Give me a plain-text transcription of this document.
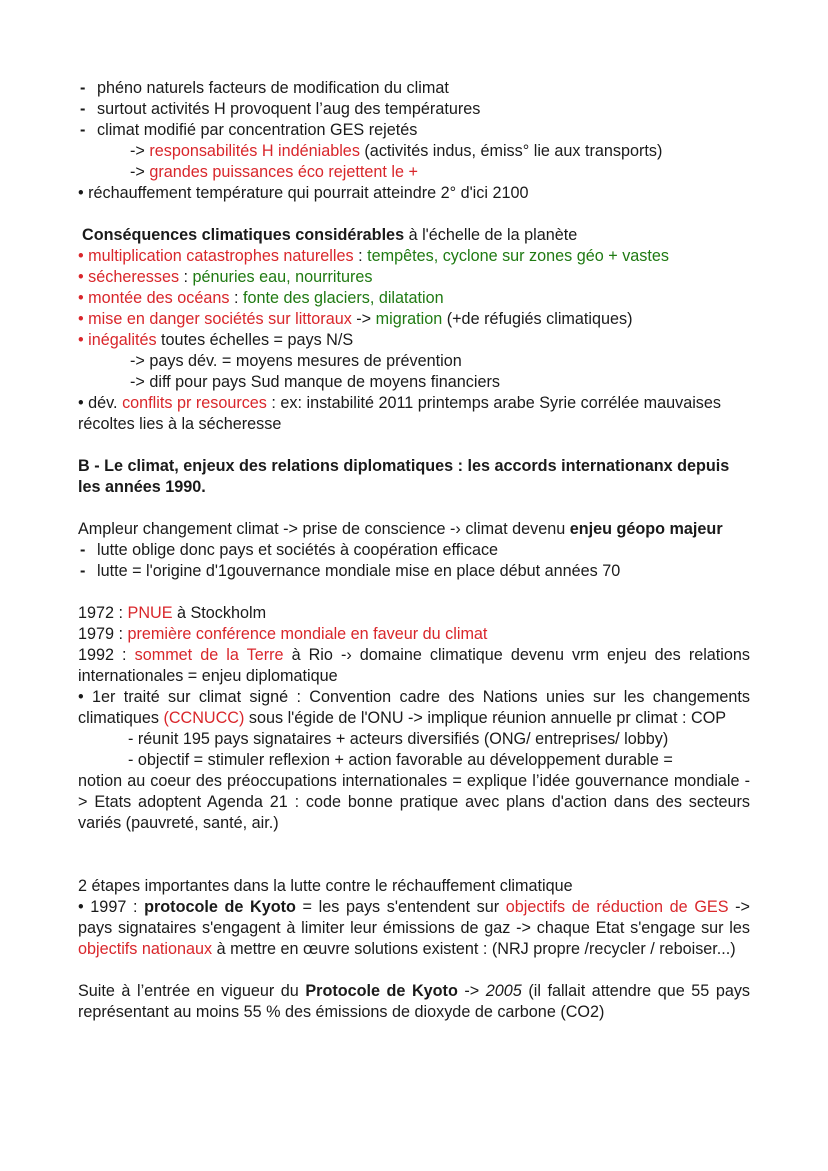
- phéno naturels facteurs de modification du climat

- surtout activités H provoquent l’aug des températures

- climat modifié par concentration GES rejetés

-> responsabilités H indéniables (activités indus, émiss° lie aux transports)

-> grandes puissances éco rejettent le +

• réchauffement température qui pourrait atteindre 2° d'ici 2100

Conséquences climatiques considérables à l'échelle de la planète

• multiplication catastrophes naturelles : tempêtes, cyclone sur zones géo + vastes

• sécheresses : pénuries eau, nourritures

• montée des océans : fonte des glaciers, dilatation

• mise en danger sociétés sur littoraux -> migration (+de réfugiés climatiques)

• inégalités toutes échelles = pays N/S

-> pays dév. = moyens mesures de prévention

-> diff pour pays Sud manque de moyens financiers

• dév. conflits pr resources : ex: instabilité 2011 printemps arabe Syrie corrélée mauvaises récoltes lies à la sécheresse

B - Le climat, enjeux des relations diplomatiques : les accords internationanx depuis les années 1990.

Ampleur changement climat -> prise de conscience -› climat devenu enjeu géopo majeur

- lutte oblige donc pays et sociétés à coopération efficace

- lutte = l'origine d'1gouvernance mondiale mise en place début années 70

1972 : PNUE à Stockholm

1979 : première conférence mondiale en faveur du climat

1992 : sommet de la Terre à Rio -› domaine climatique devenu vrm enjeu des relations internationales = enjeu diplomatique

• 1er traité sur climat signé : Convention cadre des Nations unies sur les changements climatiques (CCNUCC) sous l'égide de l'ONU -> implique réunion annuelle pr climat : COP

- réunit 195 pays signataires + acteurs diversifiés (ONG/ entreprises/ lobby)

- objectif = stimuler reflexion + action favorable au développement durable =

notion au coeur des préoccupations internationales = explique l’idée gouvernance mondiale -> Etats adoptent Agenda 21 : code bonne pratique avec plans d'action dans des secteurs variés (pauvreté, santé, air.)

2 étapes importantes dans la lutte contre le réchauffement climatique

• 1997 : protocole de Kyoto = les pays s'entendent sur objectifs de réduction de GES -> pays signataires s'engagent à limiter leur émissions de gaz -> chaque Etat s'engage sur les objectifs nationaux à mettre en œuvre solutions existent : (NRJ propre /recycler / reboiser...)

Suite à l’entrée en vigueur du Protocole de Kyoto -> 2005 (il fallait attendre que 55 pays représentant au moins 55 % des émissions de dioxyde de carbone (CO2)
